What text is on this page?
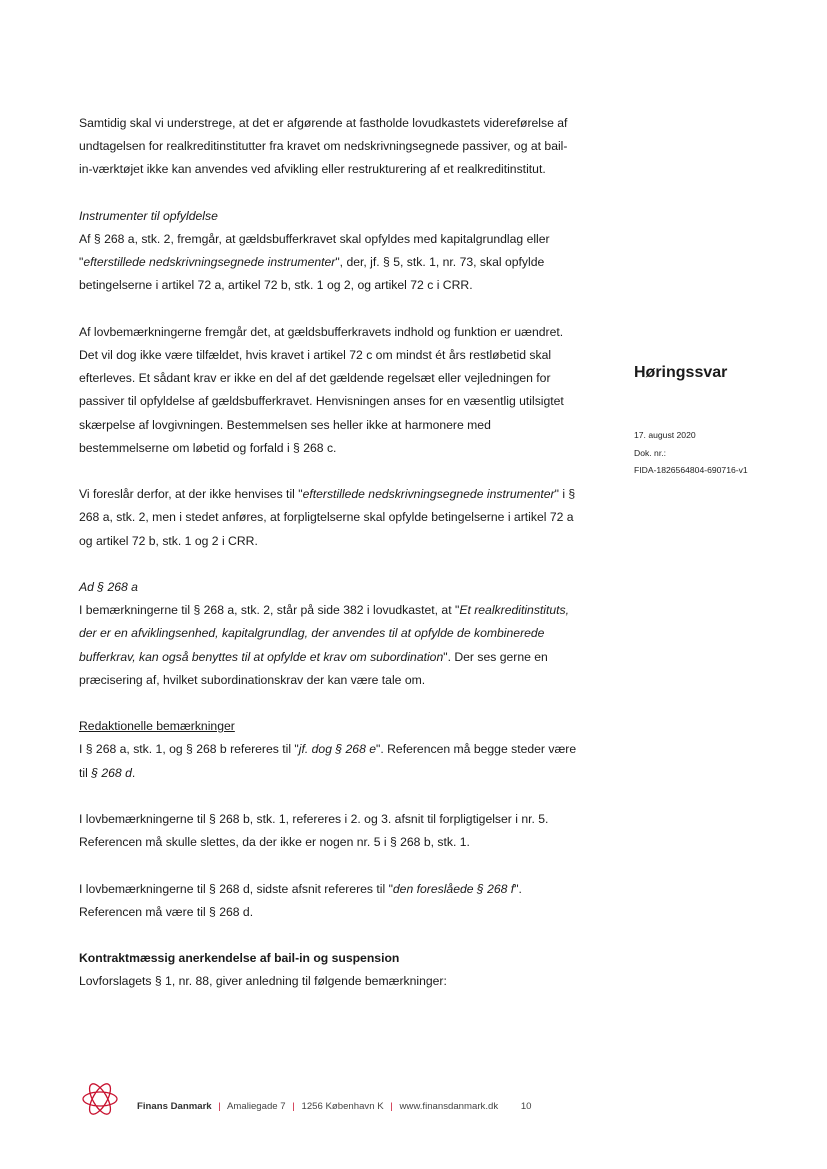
Samtidig skal vi understrege, at det er afgørende at fastholde lovudkastets videreførelse af undtagelsen for realkreditinstitutter fra kravet om nedskrivningsegnede passiver, og at bail-in-værktøjet ikke kan anvendes ved afvikling eller restrukturering af et realkreditinstitut.

Instrumenter til opfyldelse

Af § 268 a, stk. 2, fremgår, at gældsbufferkravet skal opfyldes med kapitalgrundlag eller "efterstillede nedskrivningsegnede instrumenter", der, jf. § 5, stk. 1, nr. 73, skal opfylde betingelserne i artikel 72 a, artikel 72 b, stk. 1 og 2, og artikel 72 c i CRR.

Af lovbemærkningerne fremgår det, at gældsbufferkravets indhold og funktion er uændret. Det vil dog ikke være tilfældet, hvis kravet i artikel 72 c om mindst ét års restløbetid skal efterleves. Et sådant krav er ikke en del af det gældende regelsæt eller vejledningen for passiver til opfyldelse af gældsbufferkravet. Henvisningen anses for en væsentlig utilsigtet skærpelse af lovgivningen. Bestemmelsen ses heller ikke at harmonere med bestemmelserne om løbetid og forfald i § 268 c.

Vi foreslår derfor, at der ikke henvises til "efterstillede nedskrivningsegnede instrumenter" i § 268 a, stk. 2, men i stedet anføres, at forpligtelserne skal opfylde betingelserne i artikel 72 a og artikel 72 b, stk. 1 og 2 i CRR.

Ad § 268 a

I bemærkningerne til § 268 a, stk. 2, står på side 382 i lovudkastet, at "Et realkreditinstituts, der er en afviklingsenhed, kapitalgrundlag, der anvendes til at opfylde de kombinerede bufferkrav, kan også benyttes til at opfylde et krav om subordination". Der ses gerne en præcisering af, hvilket subordinationskrav der kan være tale om.

Redaktionelle bemærkninger

I § 268 a, stk. 1, og § 268 b refereres til "jf. dog § 268 e". Referencen må begge steder være til § 268 d.

I lovbemærkningerne til § 268 b, stk. 1, refereres i 2. og 3. afsnit til forpligtigelser i nr. 5. Referencen må skulle slettes, da der ikke er nogen nr. 5 i § 268 b, stk. 1.

I lovbemærkningerne til § 268 d, sidste afsnit refereres til "den foreslåede § 268 f". Referencen må være til § 268 d.

Kontraktmæssig anerkendelse af bail-in og suspension

Lovforslagets § 1, nr. 88, giver anledning til følgende bemærkninger:

Høringssvar
17. august 2020
Dok. nr.:
FIDA-1826564804-690716-v1
Finans Danmark | Amaliegade 7 | 1256 København K | www.finansdanmark.dk 10
